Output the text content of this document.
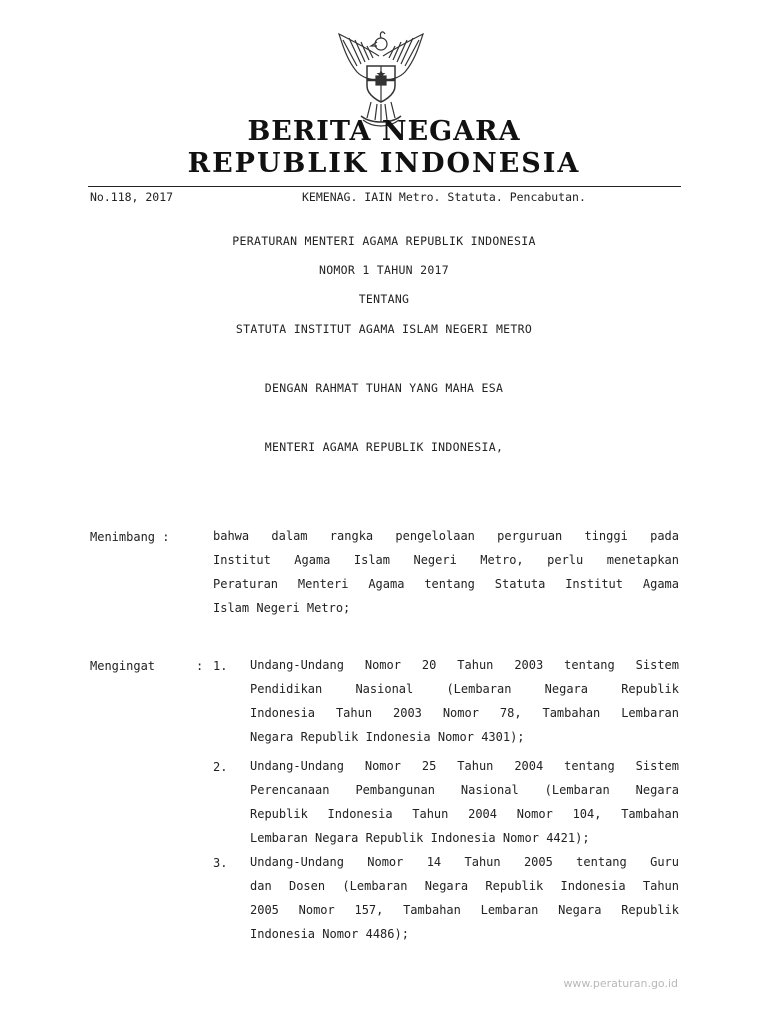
BERITA NEGARA
REPUBLIK INDONESIA
No.118, 2017	KEMENAG. IAIN Metro. Statuta. Pencabutan.
PERATURAN MENTERI AGAMA REPUBLIK INDONESIA
NOMOR 1 TAHUN 2017
TENTANG
STATUTA INSTITUT AGAMA ISLAM NEGERI METRO
DENGAN RAHMAT TUHAN YANG MAHA ESA
MENTERI AGAMA REPUBLIK INDONESIA,
Menimbang :	bahwa dalam rangka pengelolaan perguruan tinggi pada
Institut Agama Islam Negeri Metro, perlu menetapkan
Peraturan Menteri Agama tentang Statuta Institut Agama
Islam Negeri Metro;
Mengingat	: 1. Undang-Undang Nomor 20 Tahun 2003 tentang Sistem
Pendidikan Nasional (Lembaran Negara Republik
Indonesia Tahun 2003 Nomor 78, Tambahan Lembaran
Negara Republik Indonesia Nomor 4301);
2. Undang-Undang Nomor 25 Tahun 2004 tentang Sistem
Perencanaan Pembangunan Nasional (Lembaran Negara
Republik Indonesia Tahun 2004 Nomor 104, Tambahan
Lembaran Negara Republik Indonesia Nomor 4421);
3. Undang-Undang Nomor 14 Tahun 2005 tentang Guru
dan Dosen (Lembaran Negara Republik Indonesia Tahun
2005 Nomor 157, Tambahan Lembaran Negara Republik
Indonesia Nomor 4486);
www.peraturan.go.id
